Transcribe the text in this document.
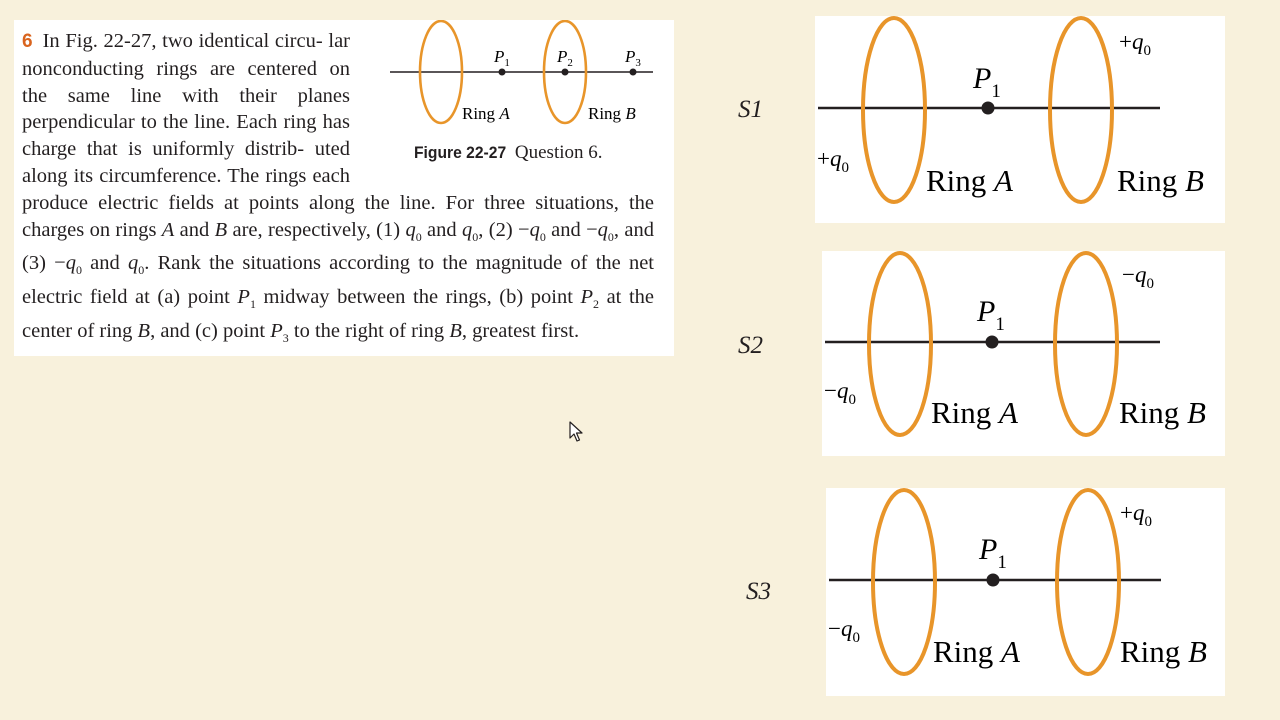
$P_1$	$P_2$	$P_3$
Ring A	Ring B
Figure 22-27 Question 6.
6 In Fig. 22-27, two identical circu- lar nonconducting rings are centered on the same line with their planes perpendicular to the line. Each ring has charge that is uniformly distrib- uted along its circumference. The rings each produce electric fields at points along the line. For three situations, the charges on rings A and B are, respectively, (1) $q_0$ and $q_0$, $(2) -q_0$ and $-q_0$, and $(3) -q_0$ and $q_0$. Rank the situations according to the magnitude of the net electric field at (a) point $P_1$ midway between the rings, (b) point $P_2$ at the center of ring B, and (c) point $P_3$ to the right of ring B, greatest first.
S1
S2
S3
$P_1$
$+q_0$
$+q_0$
Ring A	Ring B
$P_1$
$-q_0$
$-q_0$
Ring A	Ring B
$P_1$
$-q_0$
$+q_0$
Ring A	Ring B
